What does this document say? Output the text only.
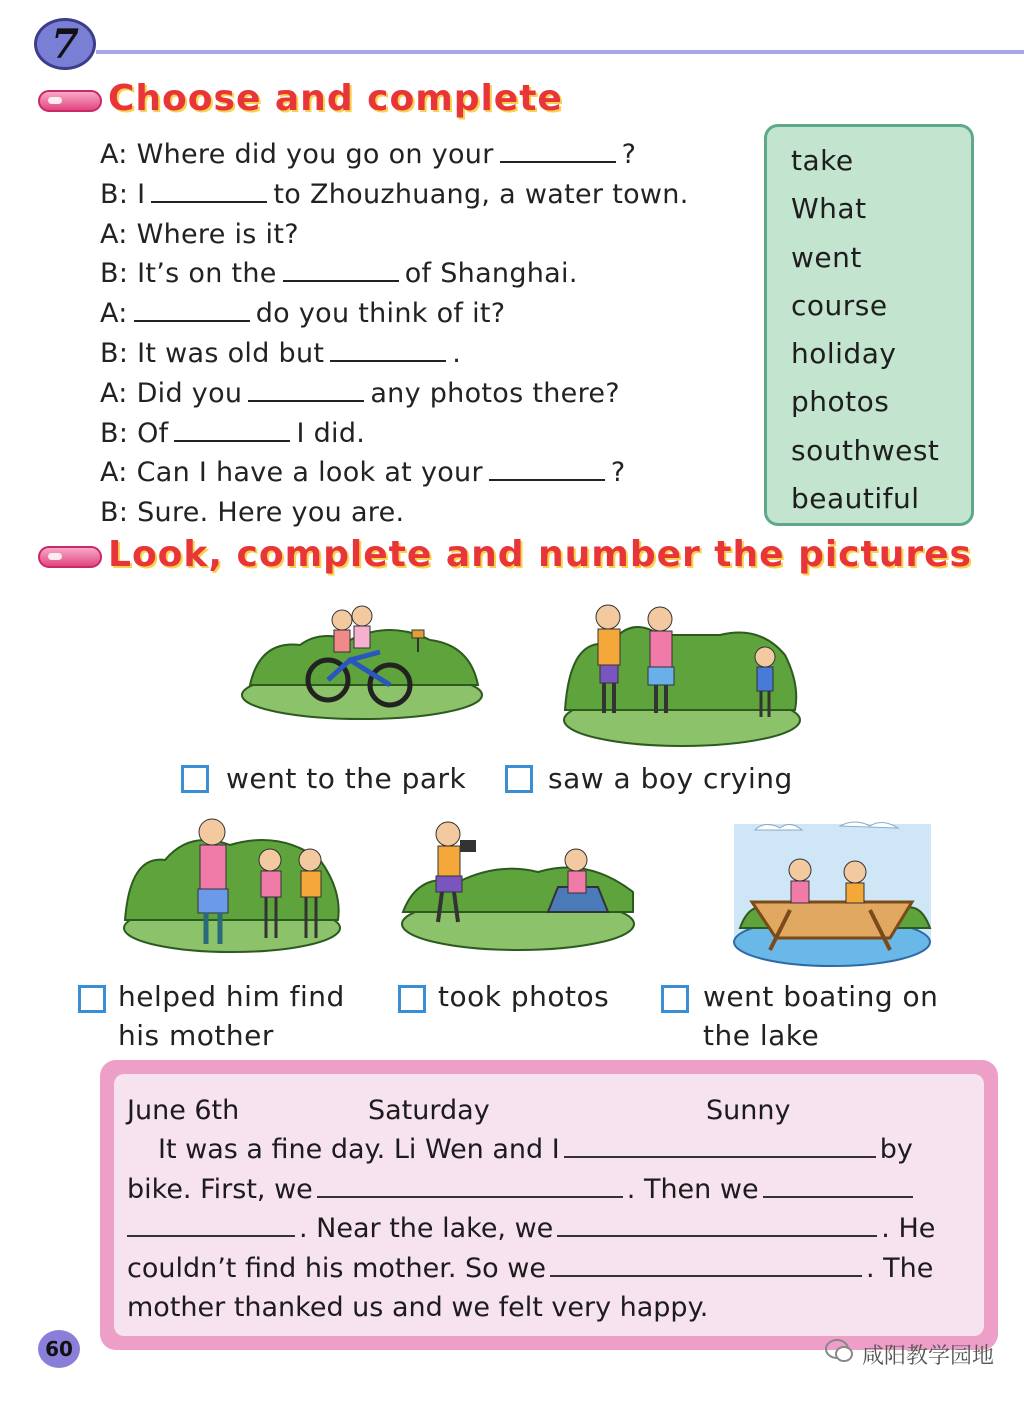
7
Choose and complete
A: Where did you go on your	?
B: I	to Zhouzhuang, a water town.
A: Where is it?
B: It’s on the	of Shanghai.
A:	do you think of it?
B: It was old but	.
A: Did you	any photos there?
B: Of	I did.
A: Can I have a look at your	?
B: Sure. Here you are.
take
What
went
course
holiday
photos
southwest
beautiful
Look, complete and number the pictures
went to the park	saw a boy crying
helped him find
his mother
took photos	went boating on
the lake
June 6th	Saturday	Sunny
It was a fine day. Li Wen and I	by
bike. First, we	. Then we
. Near the lake, we	. He
couldn’t find his mother. So we	. The
mother thanked us and we felt very happy.
60	咸阳教学园地
